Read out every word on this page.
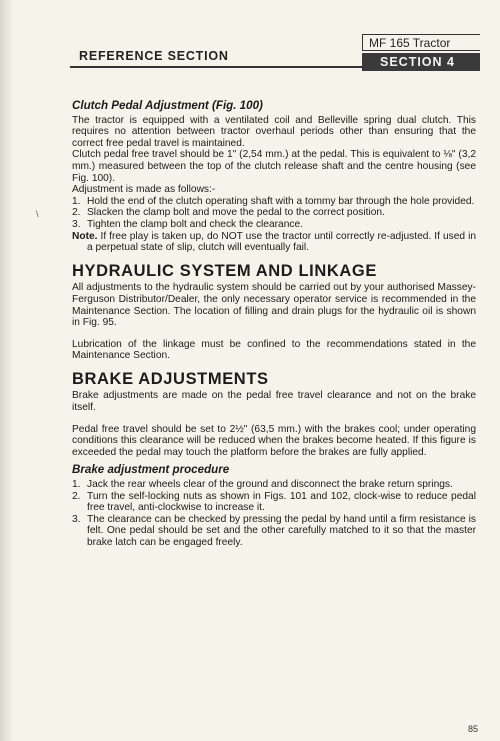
REFERENCE SECTION
MF 165 Tractor
SECTION 4
\
Clutch Pedal Adjustment (Fig. 100)

The tractor is equipped with a ventilated coil and Belleville spring dual clutch. This requires no attention between tractor overhaul periods other than ensuring that the correct free pedal travel is maintained.

Clutch pedal free travel should be 1" (2,54 mm.) at the pedal. This is equivalent to ⅛" (3,2 mm.) measured between the top of the clutch release shaft and the centre housing (see Fig. 100).

Adjustment is made as follows:-

1. Hold the end of the clutch operating shaft with a tommy bar through the hole provided.
2. Slacken the clamp bolt and move the pedal to the correct position.
3. Tighten the clamp bolt and check the clearance.

Note. If free play is taken up, do NOT use the tractor until correctly re-adjusted. If used in a perpetual state of slip, clutch will eventually fail.

HYDRAULIC SYSTEM AND LINKAGE

All adjustments to the hydraulic system should be carried out by your authorised Massey-Ferguson Distributor/Dealer, the only necessary operator service is recommended in the Maintenance Section. The location of filling and drain plugs for the hydraulic oil is shown in Fig. 95.

Lubrication of the linkage must be confined to the recommendations stated in the Maintenance Section.

BRAKE ADJUSTMENTS

Brake adjustments are made on the pedal free travel clearance and not on the brake itself.

Pedal free travel should be set to 2½" (63,5 mm.) with the brakes cool; under operating conditions this clearance will be reduced when the brakes become heated. If this figure is exceeded the pedal may touch the platform before the brakes are fully applied.

Brake adjustment procedure
1. Jack the rear wheels clear of the ground and disconnect the brake return springs.
2. Turn the self-locking nuts as shown in Figs. 101 and 102, clock-wise to reduce pedal free travel, anti-clockwise to increase it.
3. The clearance can be checked by pressing the pedal by hand until a firm resistance is felt. One pedal should be set and the other carefully matched to it so that the master brake latch can be engaged freely.
85
